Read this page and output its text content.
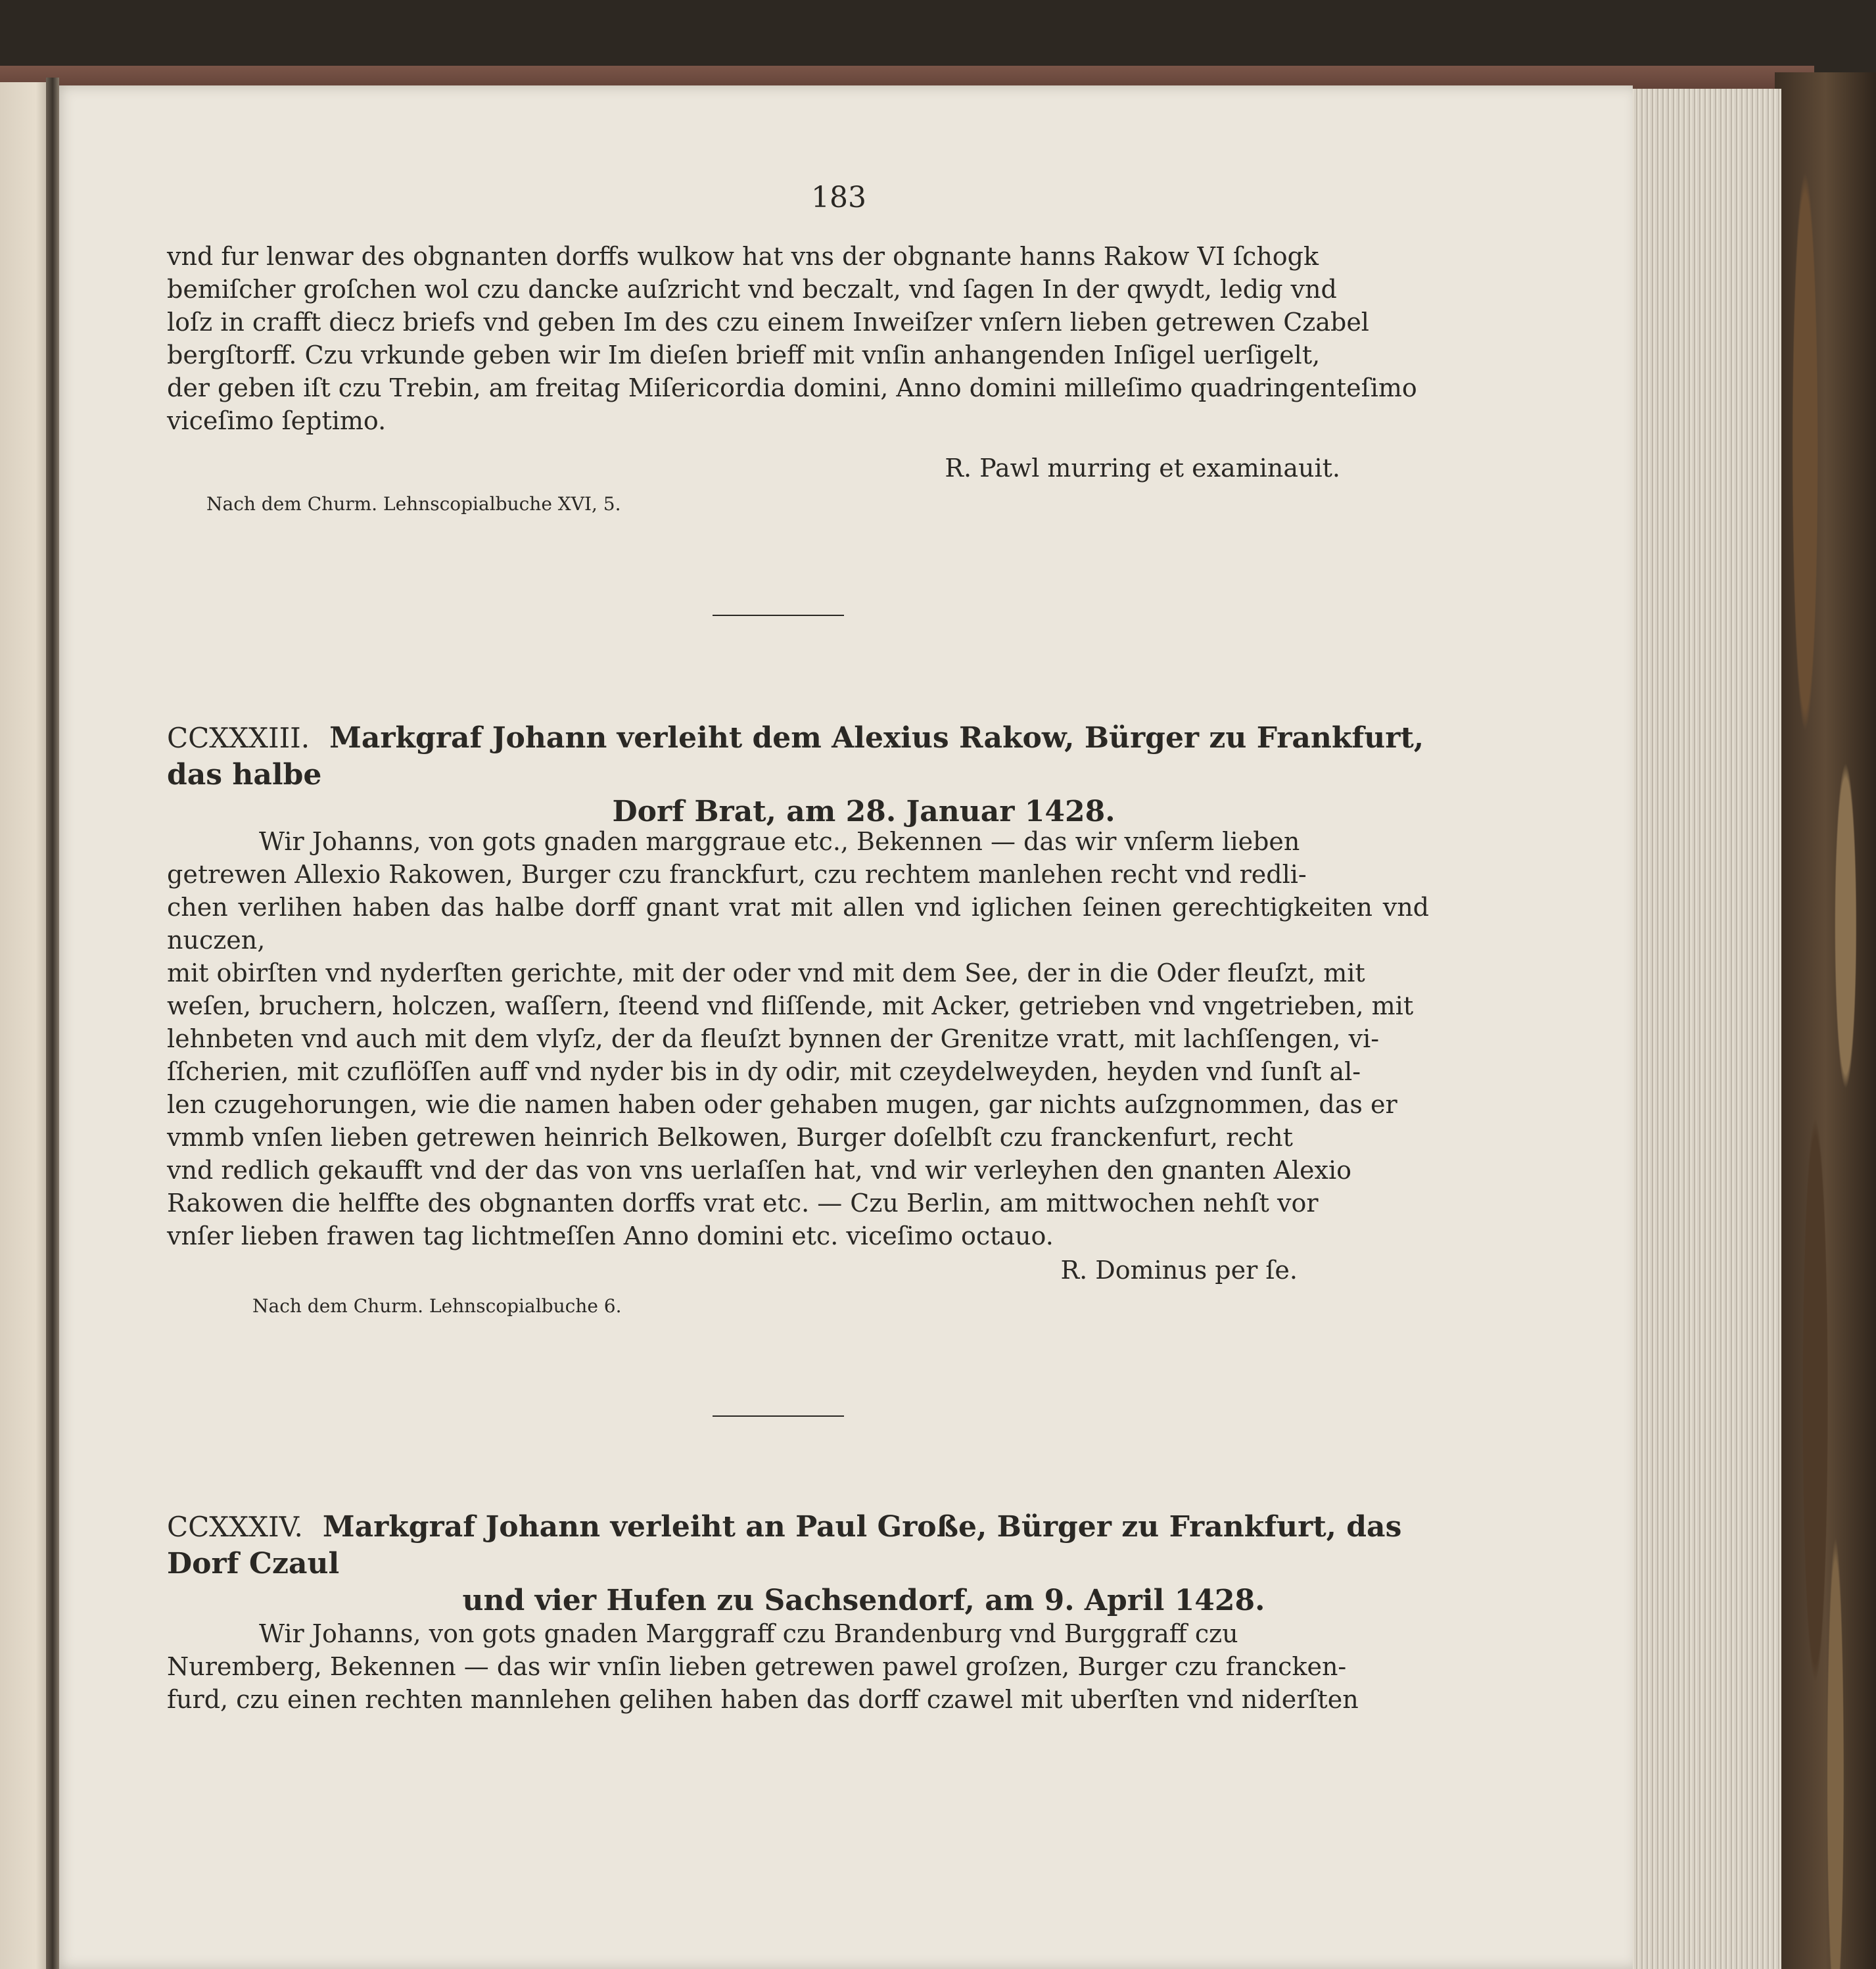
183

vnd fur lenwar des obgnanten dorffs wulkow hat vns der obgnante hanns Rakow VI ſchogk

bemiſcher groſchen wol czu dancke auſzricht vnd beczalt, vnd ſagen In der qwydt, ledig vnd

loſz in crafft diecz briefs vnd geben Im des czu einem Inweiſzer vnſern lieben getrewen Czabel

bergſtorff. Czu vrkunde geben wir Im dieſen brieff mit vnſin anhangenden Inſigel uerſigelt,

der geben iſt czu Trebin, am freitag Miſericordia domini, Anno domini milleſimo quadringenteſimo

viceſimo ſeptimo.

R. Pawl murring et examinauit.
Nach dem Churm. Lehnscopialbuche XVI, 5.
CCXXXIII. Markgraf Johann verleiht dem Alexius Rakow, Bürger zu Frankfurt, das halbe
Dorf Brat, am 28. Januar 1428.

Wir Johanns, von gots gnaden marggraue etc., Bekennen — das wir vnſerm lieben

getrewen Allexio Rakowen, Burger czu franckfurt, czu rechtem manlehen recht vnd redli-

chen verlihen haben das halbe dorff gnant vrat mit allen vnd iglichen ſeinen gerechtigkeiten vnd nuczen,

mit obirſten vnd nyderſten gerichte, mit der oder vnd mit dem See, der in die Oder fleuſzt, mit

weſen, bruchern, holczen, waſſern, ſteend vnd fliſſende, mit Acker, getrieben vnd vngetrieben, mit

lehnbeten vnd auch mit dem vlyſz, der da fleuſzt bynnen der Grenitze vratt, mit lachſſengen, vi-

ſſcherien, mit czuflöſſen auff vnd nyder bis in dy odir, mit czeydelweyden, heyden vnd ſunſt al-

len czugehorungen, wie die namen haben oder gehaben mugen, gar nichts auſzgnommen, das er

vmmb vnſen lieben getrewen heinrich Belkowen, Burger doſelbſt czu franckenfurt, recht

vnd redlich gekaufft vnd der das von vns uerlaſſen hat, vnd wir verleyhen den gnanten Alexio

Rakowen die helffte des obgnanten dorffs vrat etc. — Czu Berlin, am mittwochen nehſt vor

vnſer lieben frawen tag lichtmeſſen Anno domini etc. viceſimo octauo.

R. Dominus per ſe.
Nach dem Churm. Lehnscopialbuche 6.
CCXXXIV. Markgraf Johann verleiht an Paul Große, Bürger zu Frankfurt, das Dorf Czaul
und vier Hufen zu Sachsendorf, am 9. April 1428.

Wir Johanns, von gots gnaden Marggraff czu Brandenburg vnd Burggraff czu

Nuremberg, Bekennen — das wir vnſin lieben getrewen pawel groſzen, Burger czu francken-

furd, czu einen rechten mannlehen gelihen haben das dorff czawel mit uberſten vnd niderſten
